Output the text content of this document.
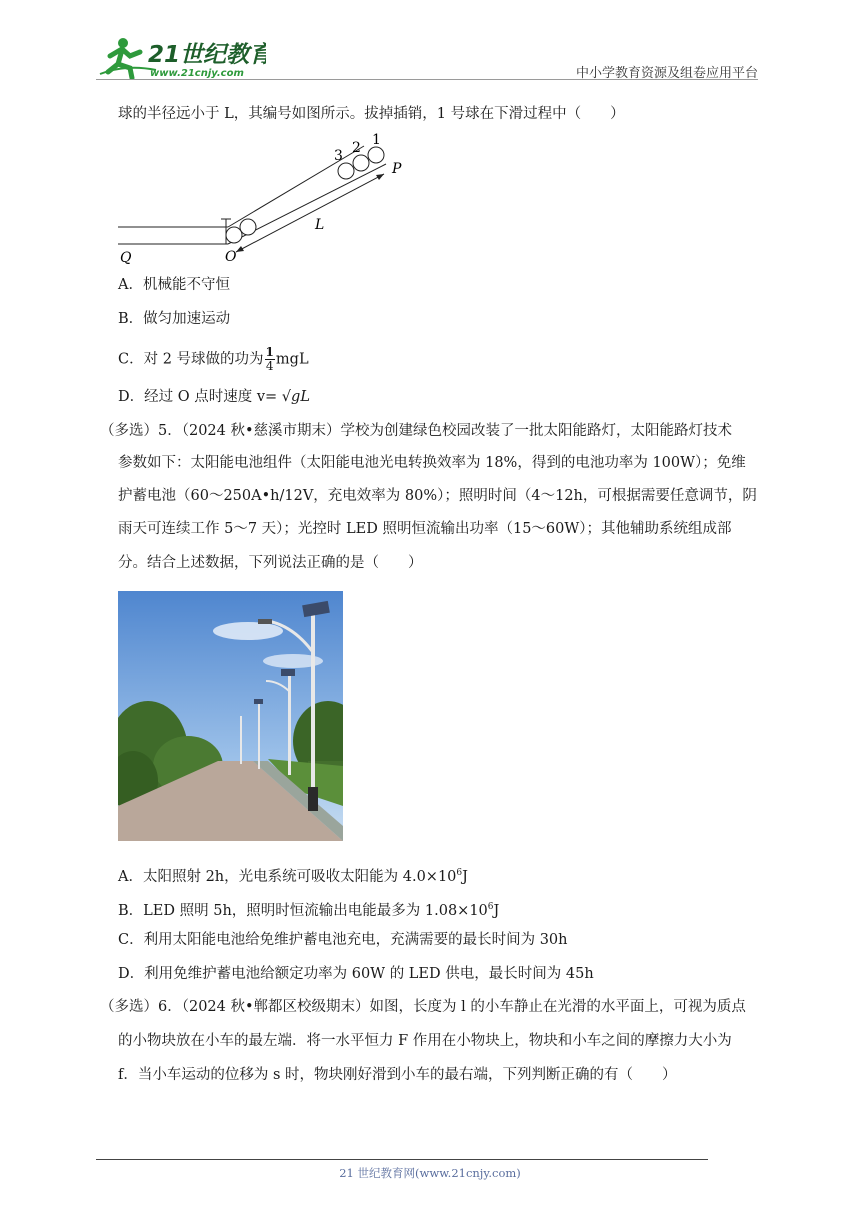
21世纪教育
www.21cnjy.com	中小学教育资源及组卷应用平台
球的半径远小于 L，其编号如图所示。拔掉插销，1 号球在下滑过程中（　　）
1
2
3
P
L
O
Q
A．机械能不守恒
B．做匀加速运动
C．对 2 号球做的功为 $\frac{1}{4}$ mgL
D．经过 O 点时速度 v= √gL
（多选）5．（2024 秋•慈溪市期末）学校为创建绿色校园改装了一批太阳能路灯，太阳能路灯技术
参数如下：太阳能电池组件（太阳能电池光电转换效率为 18%，得到的电池功率为 100W）；免维
护蓄电池（60～250A•h/12V，充电效率为 80%）；照明时间（4～12h，可根据需要任意调节，阴
雨天可连续工作 5～7 天）；光控时 LED 照明恒流输出功率（15～60W）；其他辅助系统组成部
分。结合上述数据，下列说法正确的是（　　）
A．太阳照射 2h，光电系统可吸收太阳能为 $4.0\times 10^6J$
B．LED 照明 5h，照明时恒流输出电能最多为 $1.08\times 10^6J$
C．利用太阳能电池给免维护蓄电池充电，充满需要的最长时间为 30h
D．利用免维护蓄电池给额定功率为 60W 的 LED 供电，最长时间为 45h
（多选）6．（2024 秋•郸都区校级期末）如图，长度为 l 的小车静止在光滑的水平面上，可视为质点
的小物块放在小车的最左端．将一水平恒力 F 作用在小物块上，物块和小车之间的摩擦力大小为
f．当小车运动的位移为 s 时，物块刚好滑到小车的最右端，下列判断正确的有（　　）
21 世纪教育网(www.21cnjy.com)
